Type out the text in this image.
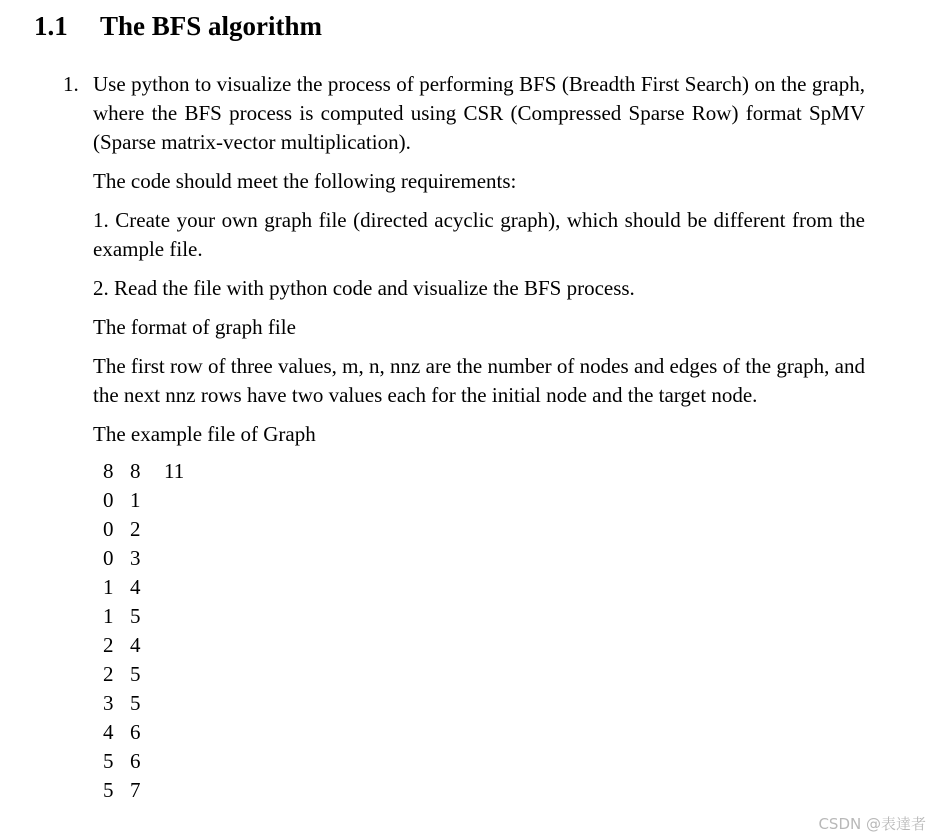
1.1 The BFS algorithm
1. Use python to visualize the process of performing BFS (Breadth First Search) on the graph, where the BFS process is computed using CSR (Compressed Sparse Row) format SpMV (Sparse matrix-vector multiplication).

The code should meet the following requirements:

1. Create your own graph file (directed acyclic graph), which should be different from the example file.

2. Read the file with python code and visualize the BFS process.

The format of graph file

The first row of three values, m, n, nnz are the number of nodes and edges of the graph, and the next nnz rows have two values each for the initial node and the target node.

The example file of Graph

8 8 11
0 1
0 2
0 3
1 4
1 5
2 4
2 5
3 5
4 6
5 6
5 7
CSDN @表達者
